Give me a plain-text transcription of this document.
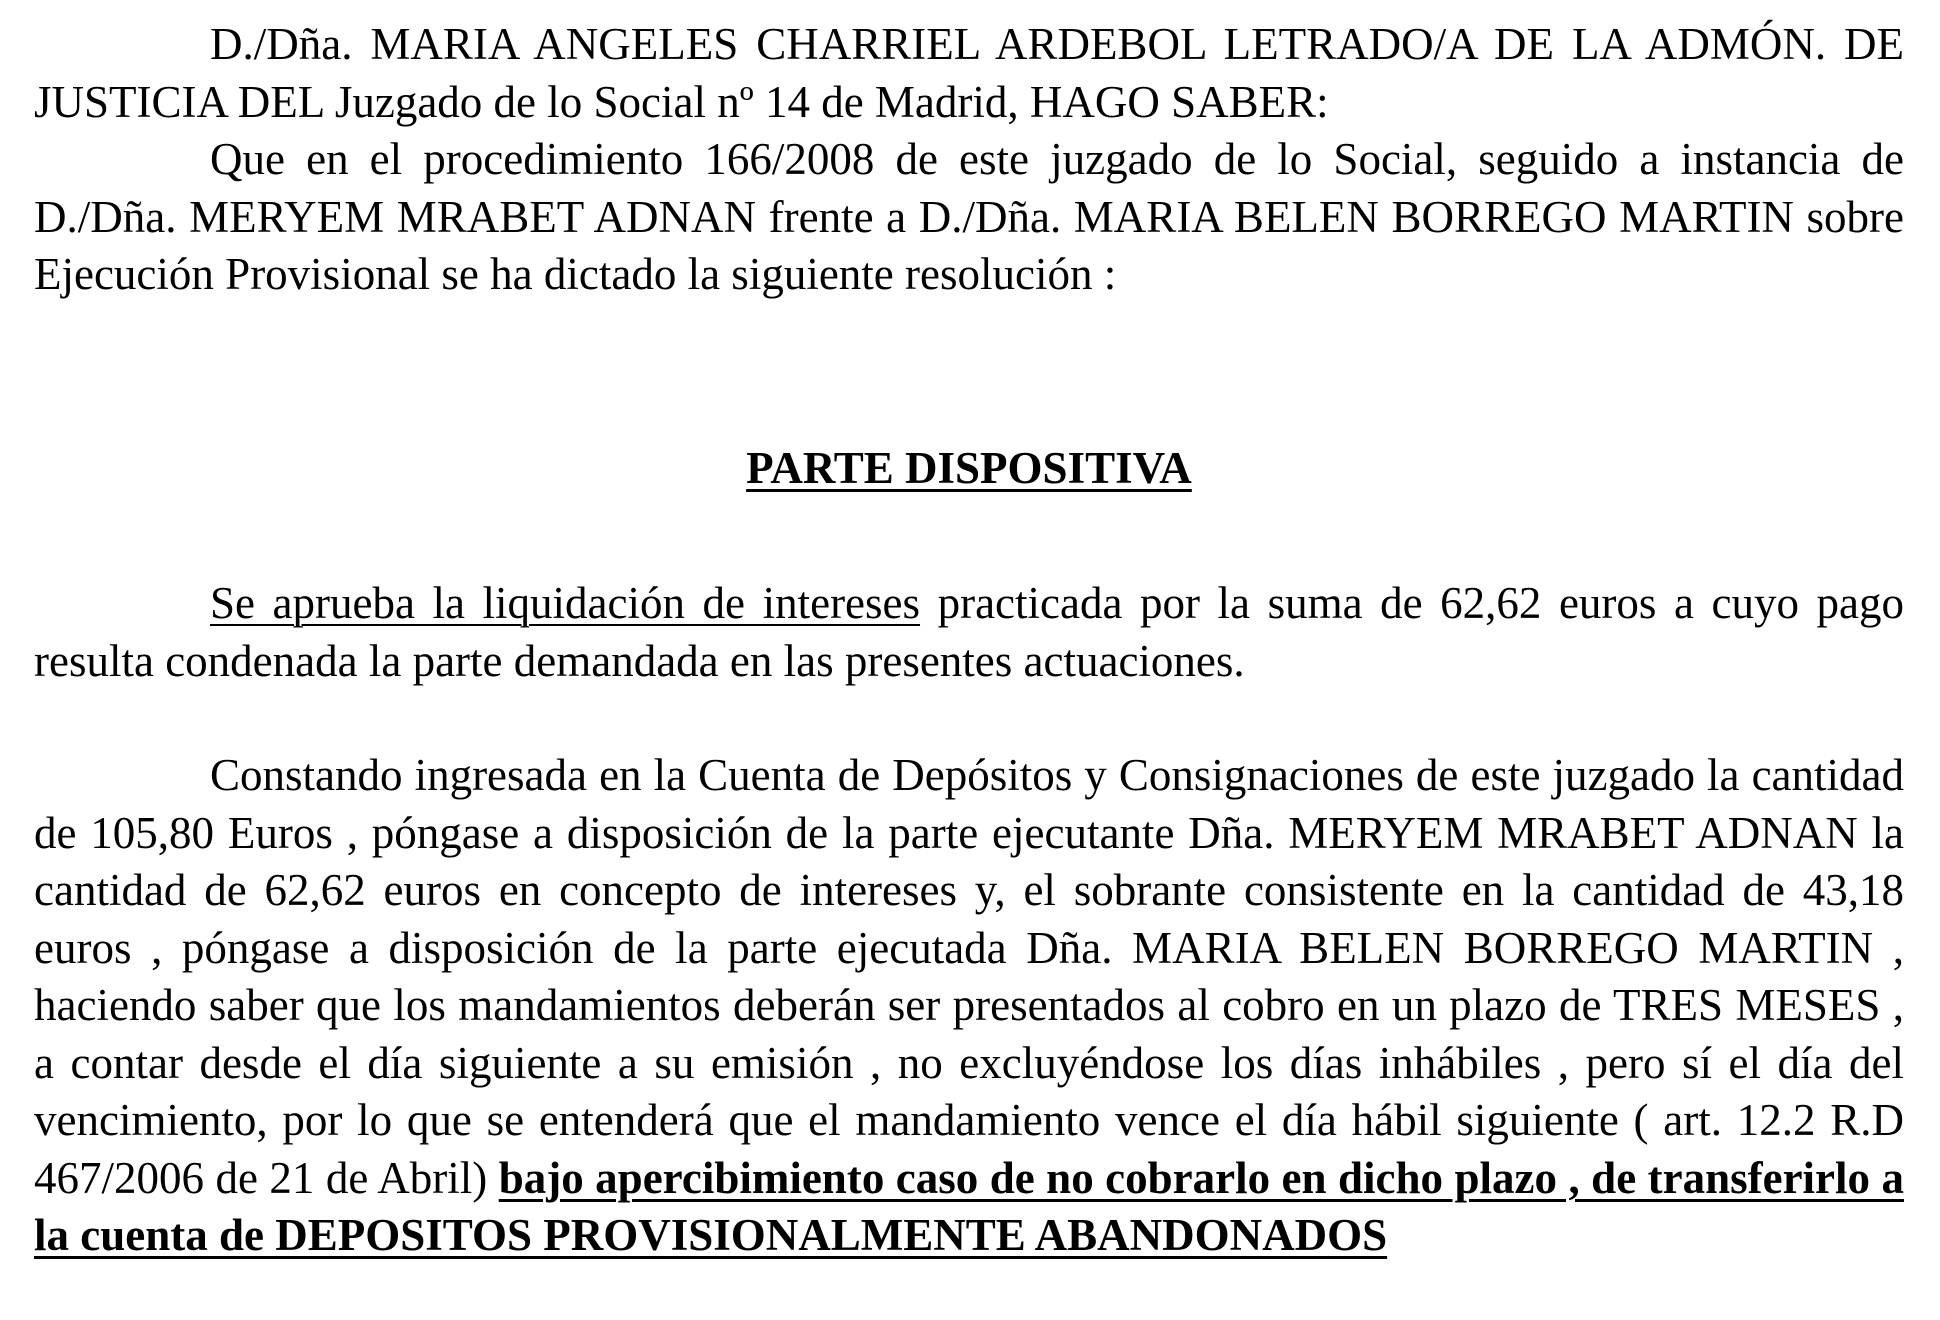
D./Dña. MARIA ANGELES CHARRIEL ARDEBOL LETRADO/A DE LA ADMÓN. DE JUSTICIA DEL Juzgado de lo Social nº 14 de Madrid, HAGO SABER:

Que en el procedimiento 166/2008 de este juzgado de lo Social, seguido a instancia de D./Dña. MERYEM MRABET ADNAN frente a D./Dña. MARIA BELEN BORREGO MARTIN sobre Ejecución Provisional se ha dictado la siguiente resolución :

PARTE DISPOSITIVA

Se aprueba la liquidación de intereses practicada por la suma de 62,62 euros a cuyo pago resulta condenada la parte demandada en las presentes actuaciones.

Constando ingresada en la Cuenta de Depósitos y Consignaciones de este juzgado la cantidad de 105,80 Euros , póngase a disposición de la parte ejecutante Dña. MERYEM MRABET ADNAN la cantidad de 62,62 euros en concepto de intereses y, el sobrante consistente en la cantidad de 43,18 euros , póngase a disposición de la parte ejecutada Dña. MARIA BELEN BORREGO MARTIN , haciendo saber que los mandamientos deberán ser presentados al cobro en un plazo de TRES MESES , a contar desde el día siguiente a su emisión , no excluyéndose los días inhábiles , pero sí el día del vencimiento, por lo que se entenderá que el mandamiento vence el día hábil siguiente ( art. 12.2 R.D 467/2006 de 21 de Abril) bajo apercibimiento caso de no cobrarlo en dicho plazo , de transferirlo a la cuenta de DEPOSITOS PROVISIONALMENTE ABANDONADOS
